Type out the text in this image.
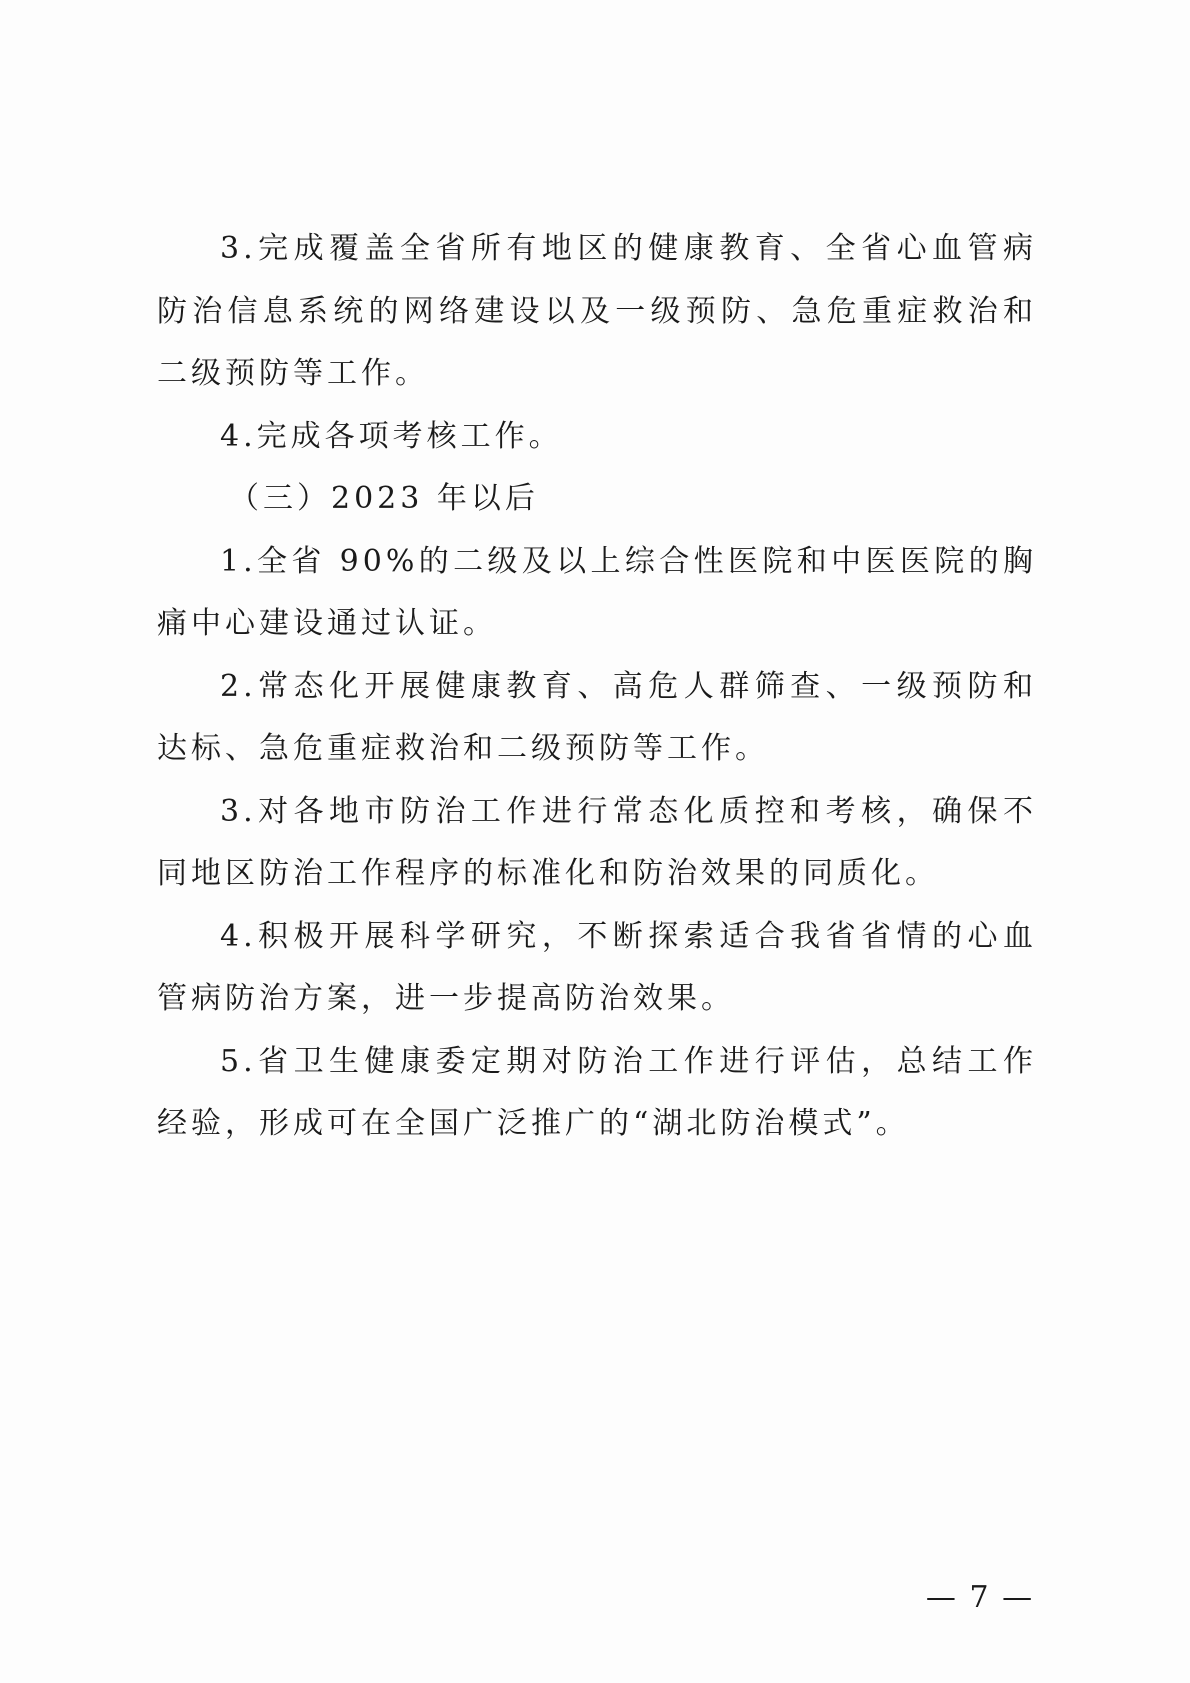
3.完成覆盖全省所有地区的健康教育、全省心血管病防治信息系统的网络建设以及一级预防、急危重症救治和二级预防等工作。

4.完成各项考核工作。

（三）2023 年以后

1.全省 90%的二级及以上综合性医院和中医医院的胸痛中心建设通过认证。

2.常态化开展健康教育、高危人群筛查、一级预防和达标、急危重症救治和二级预防等工作。

3.对各地市防治工作进行常态化质控和考核，确保不同地区防治工作程序的标准化和防治效果的同质化。

4.积极开展科学研究，不断探索适合我省省情的心血管病防治方案，进一步提高防治效果。

5.省卫生健康委定期对防治工作进行评估，总结工作经验，形成可在全国广泛推广的“湖北防治模式”。

— 7 —
